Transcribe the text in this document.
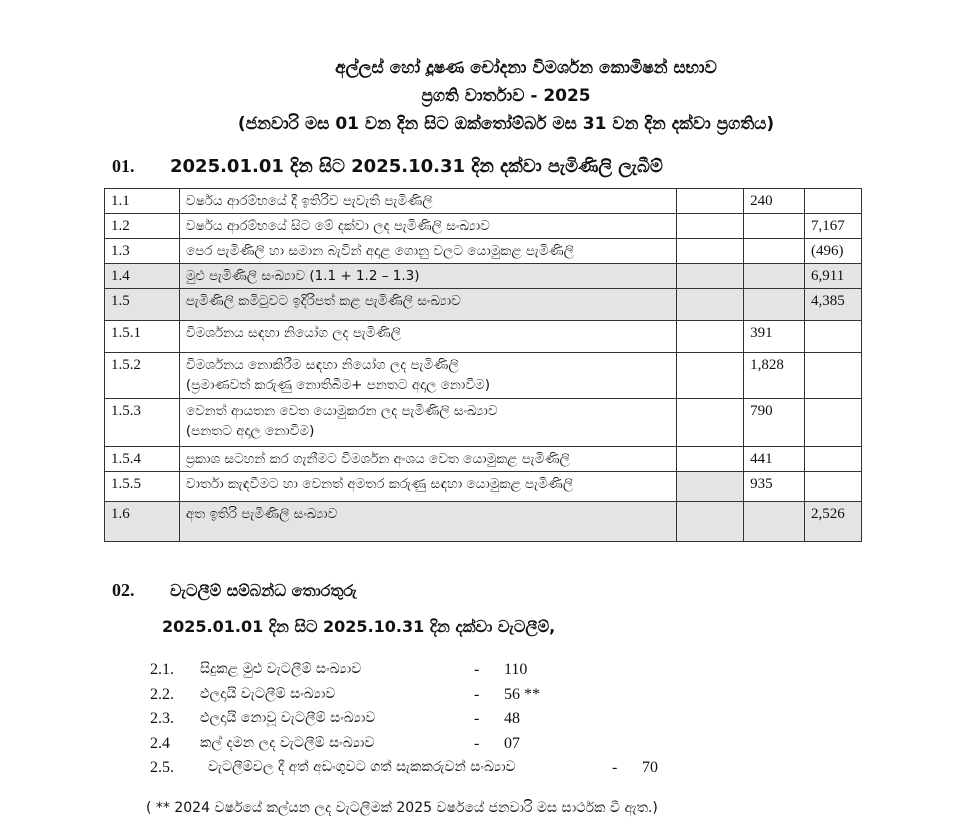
අල්ලස් හෝ දූෂණ චෝදනා විමර්ශන කොමිෂන් සභාව
ප්‍රගති වාර්තාව - 2025
(ජනවාරි මස 01 වන දින සිට ඔක්තෝම්බර් මස 31 වන දින දක්වා ප්‍රගතිය)
01. 2025.01.01 දින සිට 2025.10.31 දින දක්වා පැමිණිලි ලැබීම්
1.1	වර්ෂය ආරම්භයේ දී ඉතිරිව පැවැති පැමිණිලි		240	
1.2	වර්ෂය ආරම්භයේ සිට මේ දක්වා ලද පැමිණිලි සංඛ්‍යාව			7,167
1.3	පෙර පැමිණිලි හා සමාන බැවින් අදාළ ගොනු වලට යොමුකළ පැමිණිලි			(496)
1.4	මුළු පැමිණිලි සංඛ්‍යාව (1.1 + 1.2 – 1.3)			6,911
1.5	පැමිණිලි කමිටුවට ඉදිරිපත් කළ පැමිණිලි සංඛ්‍යාව			4,385
1.5.1	විමර්ශනය සඳහා නියෝග ලද පැමිණිලි		391	
1.5.2	විමර්ශනය නොකිරීම සඳහා නියෝග ලද පැමිණිලි
(ප්‍රමාණවත් කරුණු නොතිබීම+ පනතට අදාල නොවීම)		1,828	
1.5.3	වෙනත් ආයතන වෙත යොමුකරන ලද පැමිණිලි සංඛ්‍යාව
(පනතට අදාල නොවීම)		790	
1.5.4	ප්‍රකාශ සටහන් කර ගැනීමට විමර්ශන අංශය වෙත යොමුකළ පැමිණිලි		441	
1.5.5	වාර්තා කැඳවීමට හා වෙනත් අමතර කරුණු සඳහා යොමුකළ පැමිණිලි		935	
1.6	අත ඉතිරි පැමිණිලි සංඛ්‍යාව			2,526
02. වැටලීම් සම්බන්ධ තොරතුරු
2025.01.01 දින සිට 2025.10.31 දින දක්වා වැටලීම්,
2.1.	සිදුකළ මුළු වැටලීම් සංඛ්‍යාව	- 110
2.2.	ඵලදායි වැටලීම් සංඛ්‍යාව	- 56 **
2.3.	ඵලදායි නොවූ වැටලීම් සංඛ්‍යාව	- 48
2.4	කල් දමන ලද වැටලීම් සංඛ්‍යාව	- 07
2.5.	වැටලීම්වල දී අත් අඩංගුවට ගත් සැකකරුවන් සංඛ්‍යාව	- 70
( ** 2024 වර්ෂයේ කල්යන ලද වැටලීමක් 2025 වර්ෂයේ ජනවාරි මස සාර්ථක වී ඇත.)
